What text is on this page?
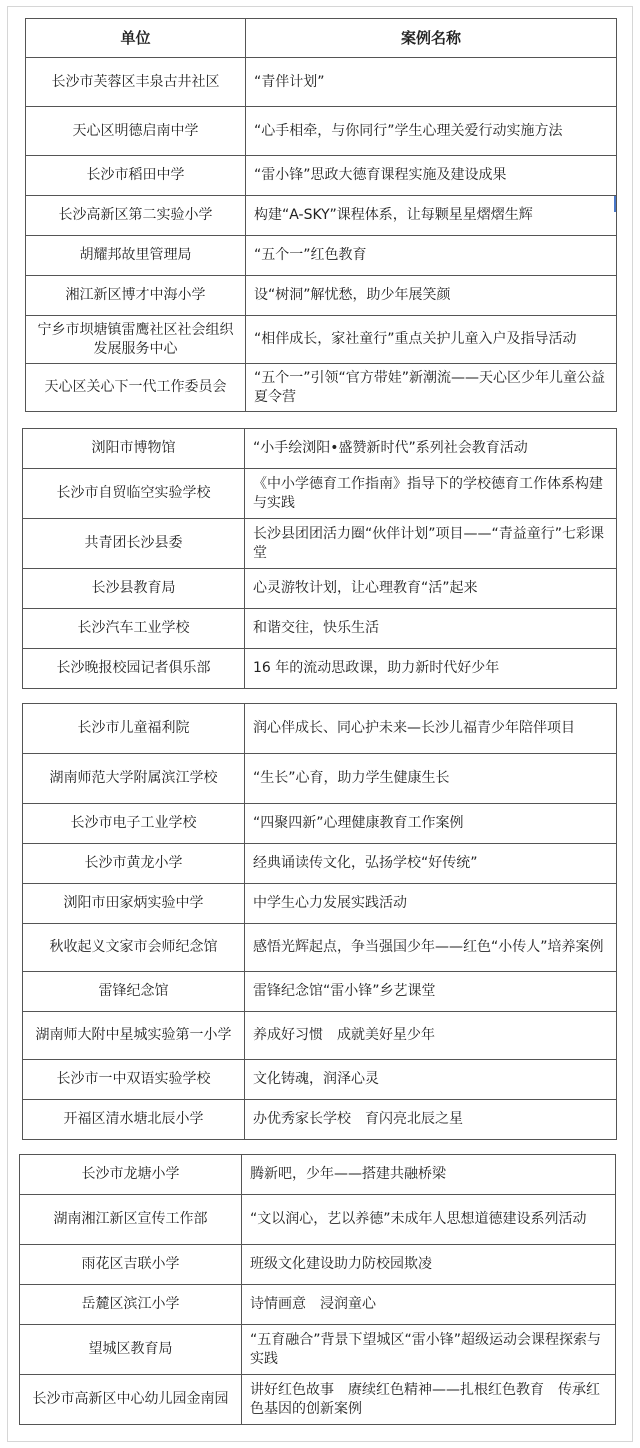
单位	案例名称
长沙市芙蓉区丰泉古井社区	“青伴计划”
天心区明德启南中学	“心手相牵，与你同行”学生心理关爱行动实施方法
长沙市稻田中学	“雷小锋”思政大德育课程实施及建设成果
长沙高新区第二实验小学	构建“A-SKY”课程体系，让每颗星星熠熠生辉
胡耀邦故里管理局	“五个一”红色教育
湘江新区博才中海小学	设“树洞”解忧愁，助少年展笑颜
宁乡市坝塘镇雷鹰社区社会组织发展服务中心	“相伴成长，家社童行”重点关护儿童入户及指导活动
天心区关心下一代工作委员会	“五个一”引领“官方带娃”新潮流——天心区少年儿童公益夏令营
浏阳市博物馆	“小手绘浏阳•盛赞新时代”系列社会教育活动
长沙市自贸临空实验学校	《中小学德育工作指南》指导下的学校德育工作体系构建与实践
共青团长沙县委	长沙县团团活力圈“伙伴计划”项目——“青益童行”七彩课堂
长沙县教育局	心灵游牧计划，让心理教育“活”起来
长沙汽车工业学校	和谐交往，快乐生活
长沙晚报校园记者俱乐部	16 年的流动思政课，助力新时代好少年
长沙市儿童福利院	润心伴成长、同心护未来—长沙儿福青少年陪伴项目
湖南师范大学附属滨江学校	“生长”心育，助力学生健康生长
长沙市电子工业学校	“四聚四新”心理健康教育工作案例
长沙市黄龙小学	经典诵读传文化，弘扬学校“好传统”
浏阳市田家炳实验中学	中学生心力发展实践活动
秋收起义文家市会师纪念馆	感悟光辉起点，争当强国少年——红色“小传人”培养案例
雷锋纪念馆	雷锋纪念馆“雷小锋”乡艺课堂
湖南师大附中星城实验第一小学	养成好习惯　成就美好星少年
长沙市一中双语实验学校	文化铸魂，润泽心灵
开福区清水塘北辰小学	办优秀家长学校　育闪亮北辰之星
长沙市龙塘小学	腾新吧，少年——搭建共融桥梁
湖南湘江新区宣传工作部	“文以润心，艺以养德”未成年人思想道德建设系列活动
雨花区吉联小学	班级文化建设助力防校园欺凌
岳麓区滨江小学	诗情画意　浸润童心
望城区教育局	“五育融合”背景下望城区“雷小锋”超级运动会课程探索与实践
长沙市高新区中心幼儿园金南园	讲好红色故事　赓续红色精神——扎根红色教育　传承红色基因的创新案例
